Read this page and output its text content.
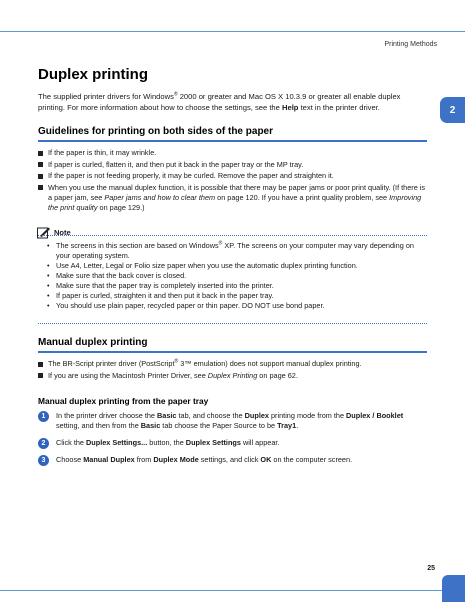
Printing Methods
2
Duplex printing

The supplied printer drivers for Windows® 2000 or greater and Mac OS X 10.3.9 or greater all enable duplex printing. For more information about how to choose the settings, see the Help text in the printer driver.

Guidelines for printing on both sides of the paper
If the paper is thin, it may wrinkle.
If paper is curled, flatten it, and then put it back in the paper tray or the MP tray.
If the paper is not feeding properly, it may be curled. Remove the paper and straighten it.
When you use the manual duplex function, it is possible that there may be paper jams or poor print quality. (If there is a paper jam, see Paper jams and how to clear them on page 120. If you have a print quality problem, see Improving the print quality on page 129.)
Note
• The screens in this section are based on Windows® XP. The screens on your computer may vary depending on your operating system.
• Use A4, Letter, Legal or Folio size paper when you use the automatic duplex printing function.
• Make sure that the back cover is closed.
• Make sure that the paper tray is completely inserted into the printer.
• If paper is curled, straighten it and then put it back in the paper tray.
• You should use plain paper, recycled paper or thin paper. DO NOT use bond paper.
Manual duplex printing
The BR-Script printer driver (PostScript® 3™ emulation) does not support manual duplex printing.
If you are using the Macintosh Printer Driver, see Duplex Printing on page 62.
Manual duplex printing from the paper tray
1	In the printer driver choose the Basic tab, and choose the Duplex printing mode from the Duplex / Booklet setting, and then from the Basic tab choose the Paper Source to be Tray1.
2	Click the Duplex Settings... button, the Duplex Settings will appear.
3	Choose Manual Duplex from Duplex Mode settings, and click OK on the computer screen.
25
